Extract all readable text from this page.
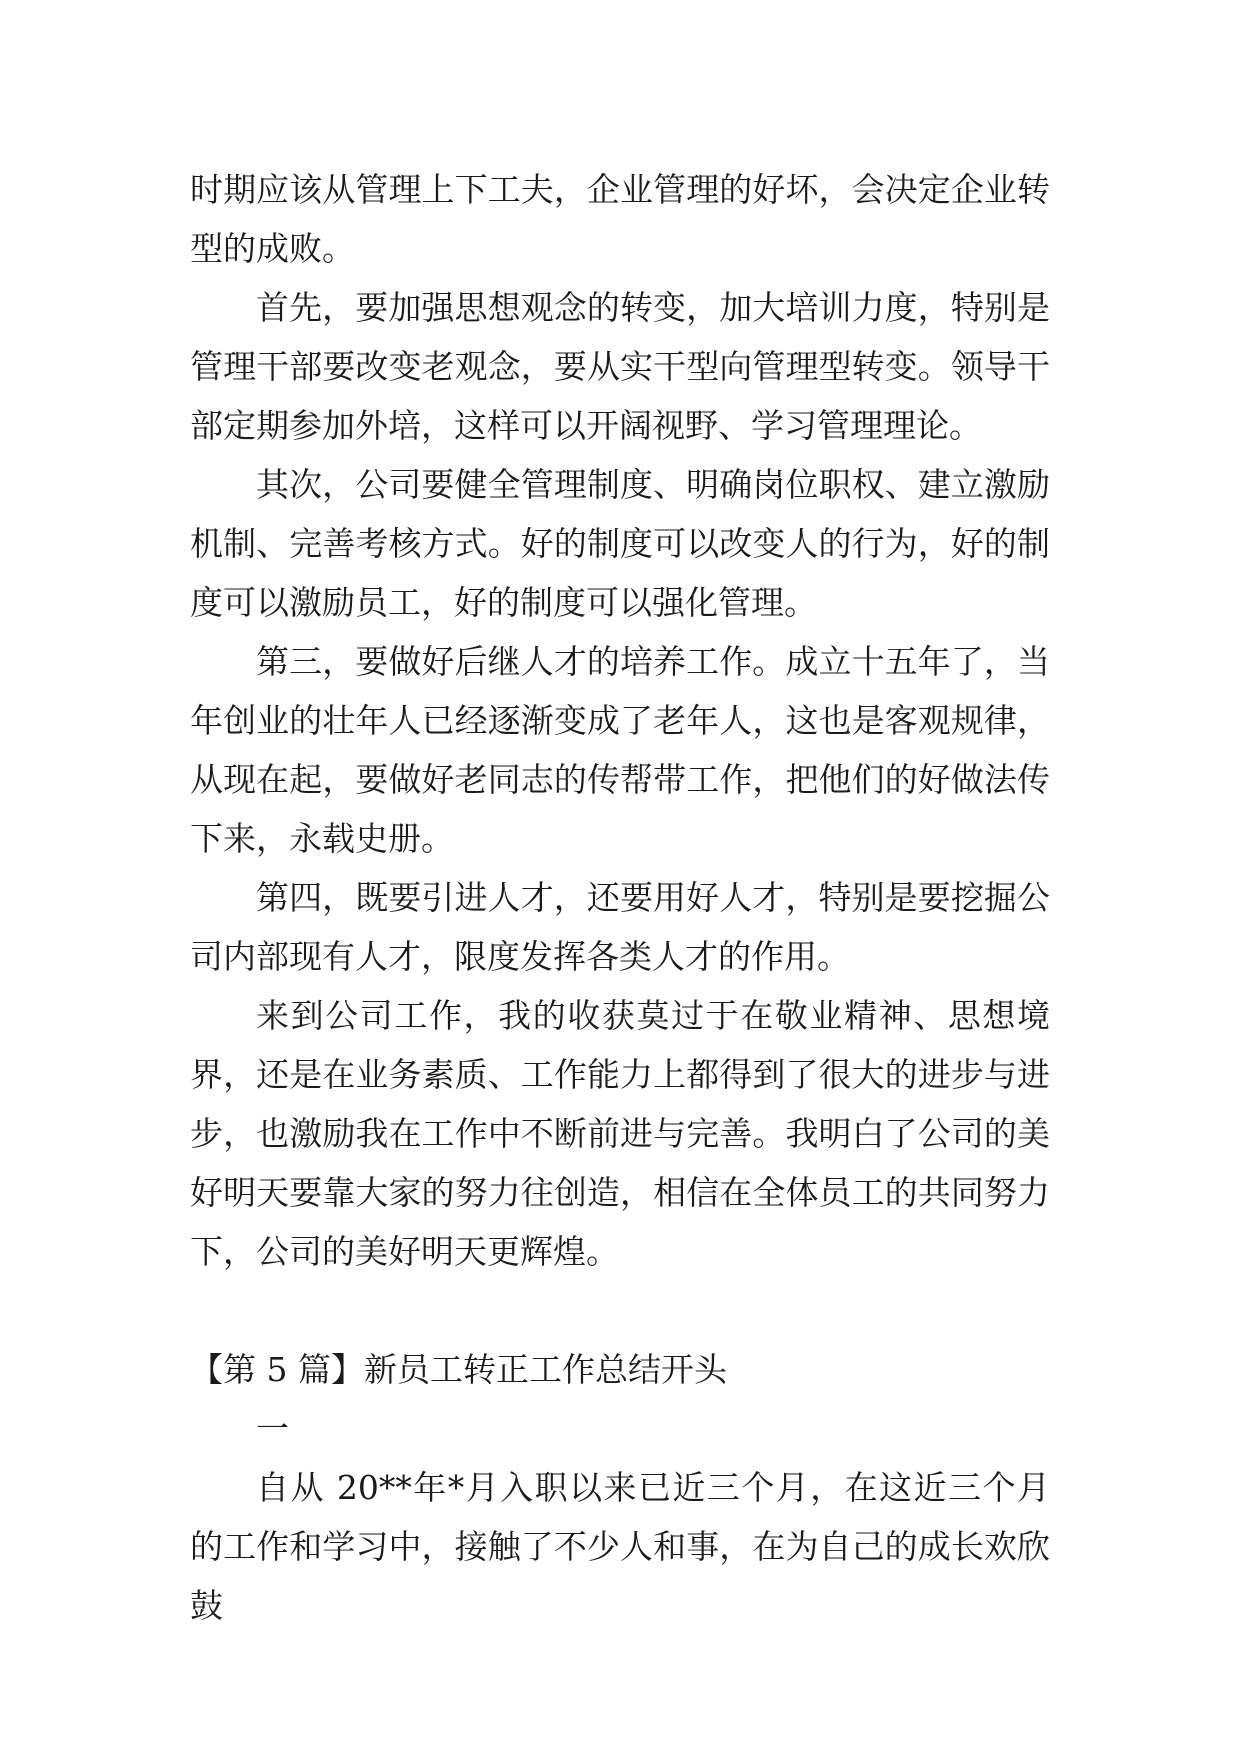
时期应该从管理上下工夫，企业管理的好坏，会决定企业转型的成败。

首先，要加强思想观念的转变，加大培训力度，特别是管理干部要改变老观念，要从实干型向管理型转变。领导干部定期参加外培，这样可以开阔视野、学习管理理论。

其次，公司要健全管理制度、明确岗位职权、建立激励机制、完善考核方式。好的制度可以改变人的行为，好的制度可以激励员工，好的制度可以强化管理。

第三，要做好后继人才的培养工作。成立十五年了，当年创业的壮年人已经逐渐变成了老年人，这也是客观规律，从现在起，要做好老同志的传帮带工作，把他们的好做法传下来，永载史册。

第四，既要引进人才，还要用好人才，特别是要挖掘公司内部现有人才，限度发挥各类人才的作用。

来到公司工作，我的收获莫过于在敬业精神、思想境界，还是在业务素质、工作能力上都得到了很大的进步与进步，也激励我在工作中不断前进与完善。我明白了公司的美好明天要靠大家的努力往创造，相信在全体员工的共同努力下，公司的美好明天更辉煌。

【第 5 篇】新员工转正工作总结开头

一

自从 20**年*月入职以来已近三个月，在这近三个月的工作和学习中，接触了不少人和事，在为自己的成长欢欣鼓
